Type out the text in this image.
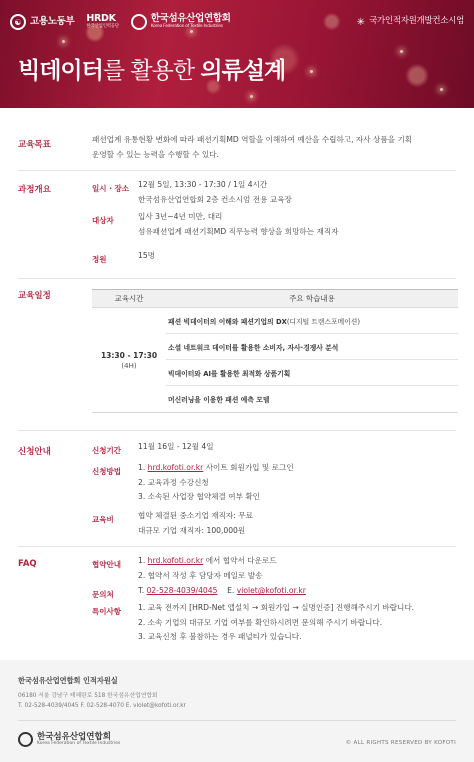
☯ 고용노동부 HRDK
한국산업인력공단
한국섬유산업연합회
Korea Federation of Textile Industries	✳ 국가인적자원개발컨소시엄
빅데이터를 활용한 의류설계
교육목표
패션업계 유통현황 변화에 따라 패션기획MD 역할을 이해하여 예산을 수립하고, 자사 상품을 기획
운영할 수 있는 능력을 수행할 수 있다.
과정개요	일시 · 장소 12월 5일, 13:30 - 17:30 / 1일 4시간
한국섬유산업연합회 2층 컨소시엄 전용 교육장
대상자	입사 3년~4년 미만, 대리
섬유패션업계 패션기획MD 직무능력 향상을 희망하는 재직자
정원	15명
교육일정	교육시간	주요 학습내용
13:30 - 17:30
(4H)
패션 빅데이터의 이해와 패션기업의 DX (디지털 트랜스포메이션)
소셜 네트워크 데이터를 활용한 소비자, 자사·경쟁사 분석
빅데이터와 AI를 활용한 최적화 상품기획
머신러닝을 이용한 패션 예측 모델
신청안내	신청기간 11월 16일 - 12월 4일
신청방법 1. hrd.kofoti.or.kr 사이트 회원가입 및 로그인
2. 교육과정 수강신청
3. 소속된 사업장 협약체결 여부 확인
교육비	협약 체결된 중소기업 재직자: 무료
대규모 기업 재직자: 100,000원
FAQ	협약안내 1. hrd.kofoti.or.kr 에서 협약서 다운로드
2. 협약서 작성 후 담당자 메일로 발송
문의처	T. 02-528-4039/4045 E. violet@kofoti.or.kr
특이사항 1. 교육 전까지 [HRD-Net 앱설치 → 회원가입 → 실명인증] 진행해주시기 바랍니다.
2. 소속 기업의 대규모 기업 여부를 확인하시려면 문의해 주시기 바랍니다.
3. 교육신청 후 불참하는 경우 패널티가 있습니다.
한국섬유산업연합회 인적자원실
06180 서울 강남구 테헤란로 518 한국섬유산업연합회
T. 02-528-4039/4045 F. 02-528-4070 E. violet@kofoti.or.kr
한국섬유산업연합회
Korea Federation of Textile Industries	© ALL RIGHTS RESERVED BY KOFOTI
